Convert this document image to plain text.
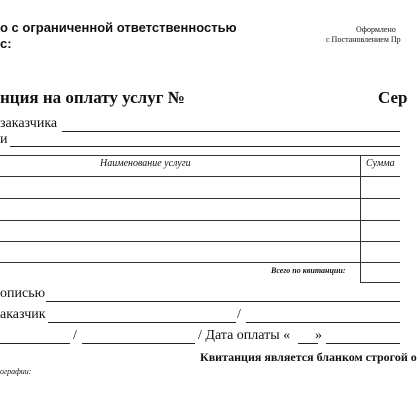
о с ограниченной ответственностью
с:
Оформлено
с Постановлением Пр
нция на оплату услуг №	Сер
заказчика
и
Наименование услуги	Сумма
Всего по квитанции:
описью
аказчик	/
/	/ Дата оплаты « »
Квитанция является бланком строгой о
ографии:
